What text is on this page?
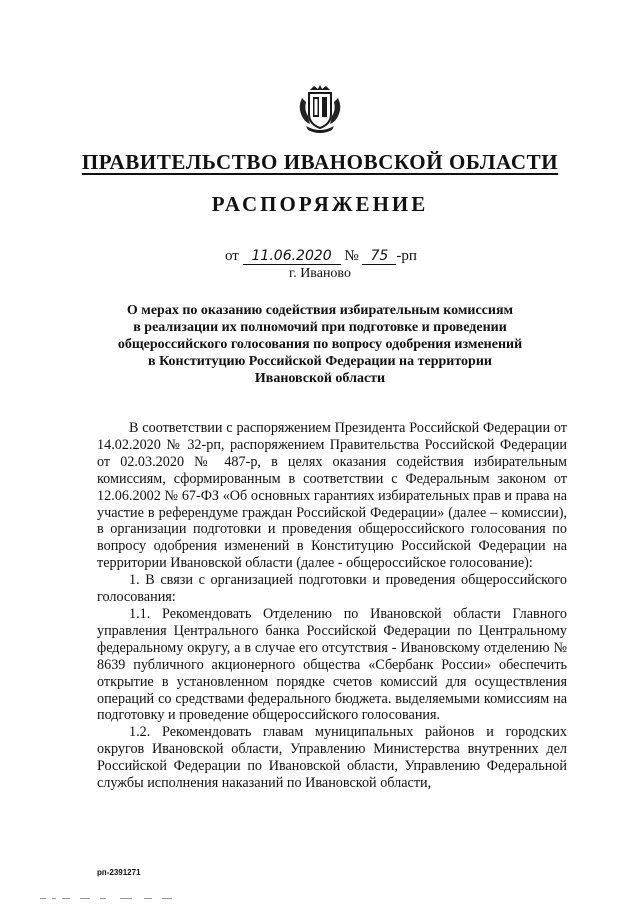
ПРАВИТЕЛЬСТВО ИВАНОВСКОЙ ОБЛАСТИ
РАСПОРЯЖЕНИЕ
от 11.06.2020 № 75 -рп
г. Иваново
О мерах по оказанию содействия избирательным комиссиям
в реализации их полномочий при подготовке и проведении
общероссийского голосования по вопросу одобрения изменений
в Конституцию Российской Федерации на территории
Ивановской области

В соответствии с распоряжением Президента Российской Федерации от 14.02.2020 № 32-рп, распоряжением Правительства Российской Федерации от 02.03.2020 № 487-р, в целях оказания содействия избирательным комиссиям, сформированным в соответствии с Федеральным законом от 12.06.2002 № 67-ФЗ «Об основных гарантиях избирательных прав и права на участие в референдуме граждан Российской Федерации» (далее – комиссии), в организации подготовки и проведения общероссийского голосования по вопросу одобрения изменений в Конституцию Российской Федерации на территории Ивановской области (далее - общероссийское голосование):

1. В связи с организацией подготовки и проведения общероссийского голосования:

1.1. Рекомендовать Отделению по Ивановской области Главного управления Центрального банка Российской Федерации по Центральному федеральному округу, а в случае его отсутствия - Ивановскому отделению № 8639 публичного акционерного общества «Сбербанк России» обеспечить открытие в установленном порядке счетов комиссий для осуществления операций со средствами федерального бюджета. выделяемыми комиссиям на подготовку и проведение общероссийского голосования.

1.2. Рекомендовать главам муниципальных районов и городских округов Ивановской области, Управлению Министерства внутренних дел Российской Федерации по Ивановской области, Управлению Федеральной службы исполнения наказаний по Ивановской области,

рп-2391271
